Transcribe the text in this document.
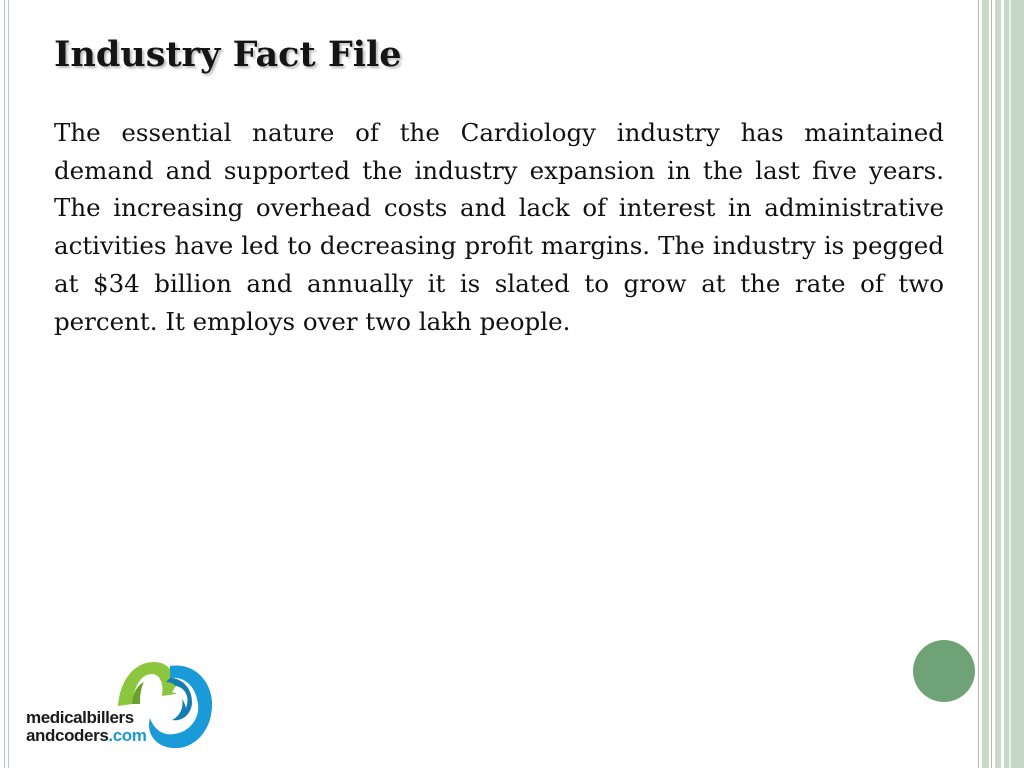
Industry Fact File

The essential nature of the Cardiology industry has maintained demand and supported the industry expansion in the last five years. The increasing overhead costs and lack of interest in administrative activities have led to decreasing profit margins. The industry is pegged at $34 billion and annually it is slated to grow at the rate of two percent. It employs over two lakh people.

medicalbillers
andcoders.com
